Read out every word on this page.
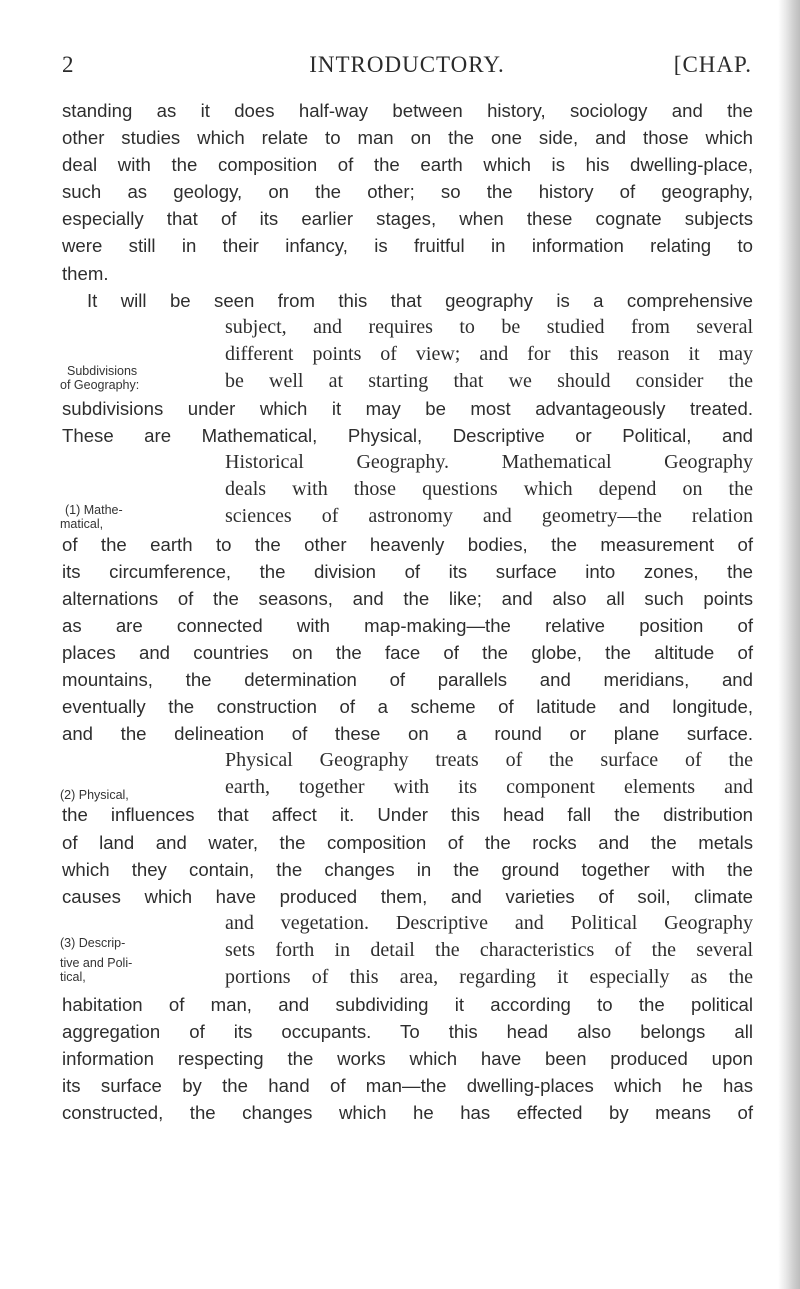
2	INTRODUCTORY.	[CHAP.
standing as it does half-way between history, sociology and the
other studies which relate to man on the one side, and those which
deal with the composition of the earth which is his dwelling-place,
such as geology, on the other; so the history of geography,
especially that of its earlier stages, when these cognate subjects
were still in their infancy, is fruitful in information relating to
them.
It will be seen from this that geography is a comprehensive
subject, and requires to be studied from several
different points of view; and for this reason it may
be well at starting that we should consider the
subdivisions under which it may be most advantageously treated.
These are Mathematical, Physical, Descriptive or Political, and
Historical Geography. Mathematical Geography
deals with those questions which depend on the
sciences of astronomy and geometry—the relation
of the earth to the other heavenly bodies, the measurement of
its circumference, the division of its surface into zones, the
alternations of the seasons, and the like; and also all such points
as are connected with map-making—the relative position of
places and countries on the face of the globe, the altitude of
mountains, the determination of parallels and meridians, and
eventually the construction of a scheme of latitude and longitude,
and the delineation of these on a round or plane surface.
Physical Geography treats of the surface of the
earth, together with its component elements and
the influences that affect it. Under this head fall the distribution
of land and water, the composition of the rocks and the metals
which they contain, the changes in the ground together with the
causes which have produced them, and varieties of soil, climate
and vegetation. Descriptive and Political Geography
sets forth in detail the characteristics of the several
portions of this area, regarding it especially as the
habitation of man, and subdividing it according to the political
aggregation of its occupants. To this head also belongs all
information respecting the works which have been produced upon
its surface by the hand of man—the dwelling-places which he has
constructed, the changes which he has effected by means of
Subdivisions
of Geography:
(1) Mathe-
matical,
(2) Physical,
(3) Descrip-
tive and Poli-
tical,
